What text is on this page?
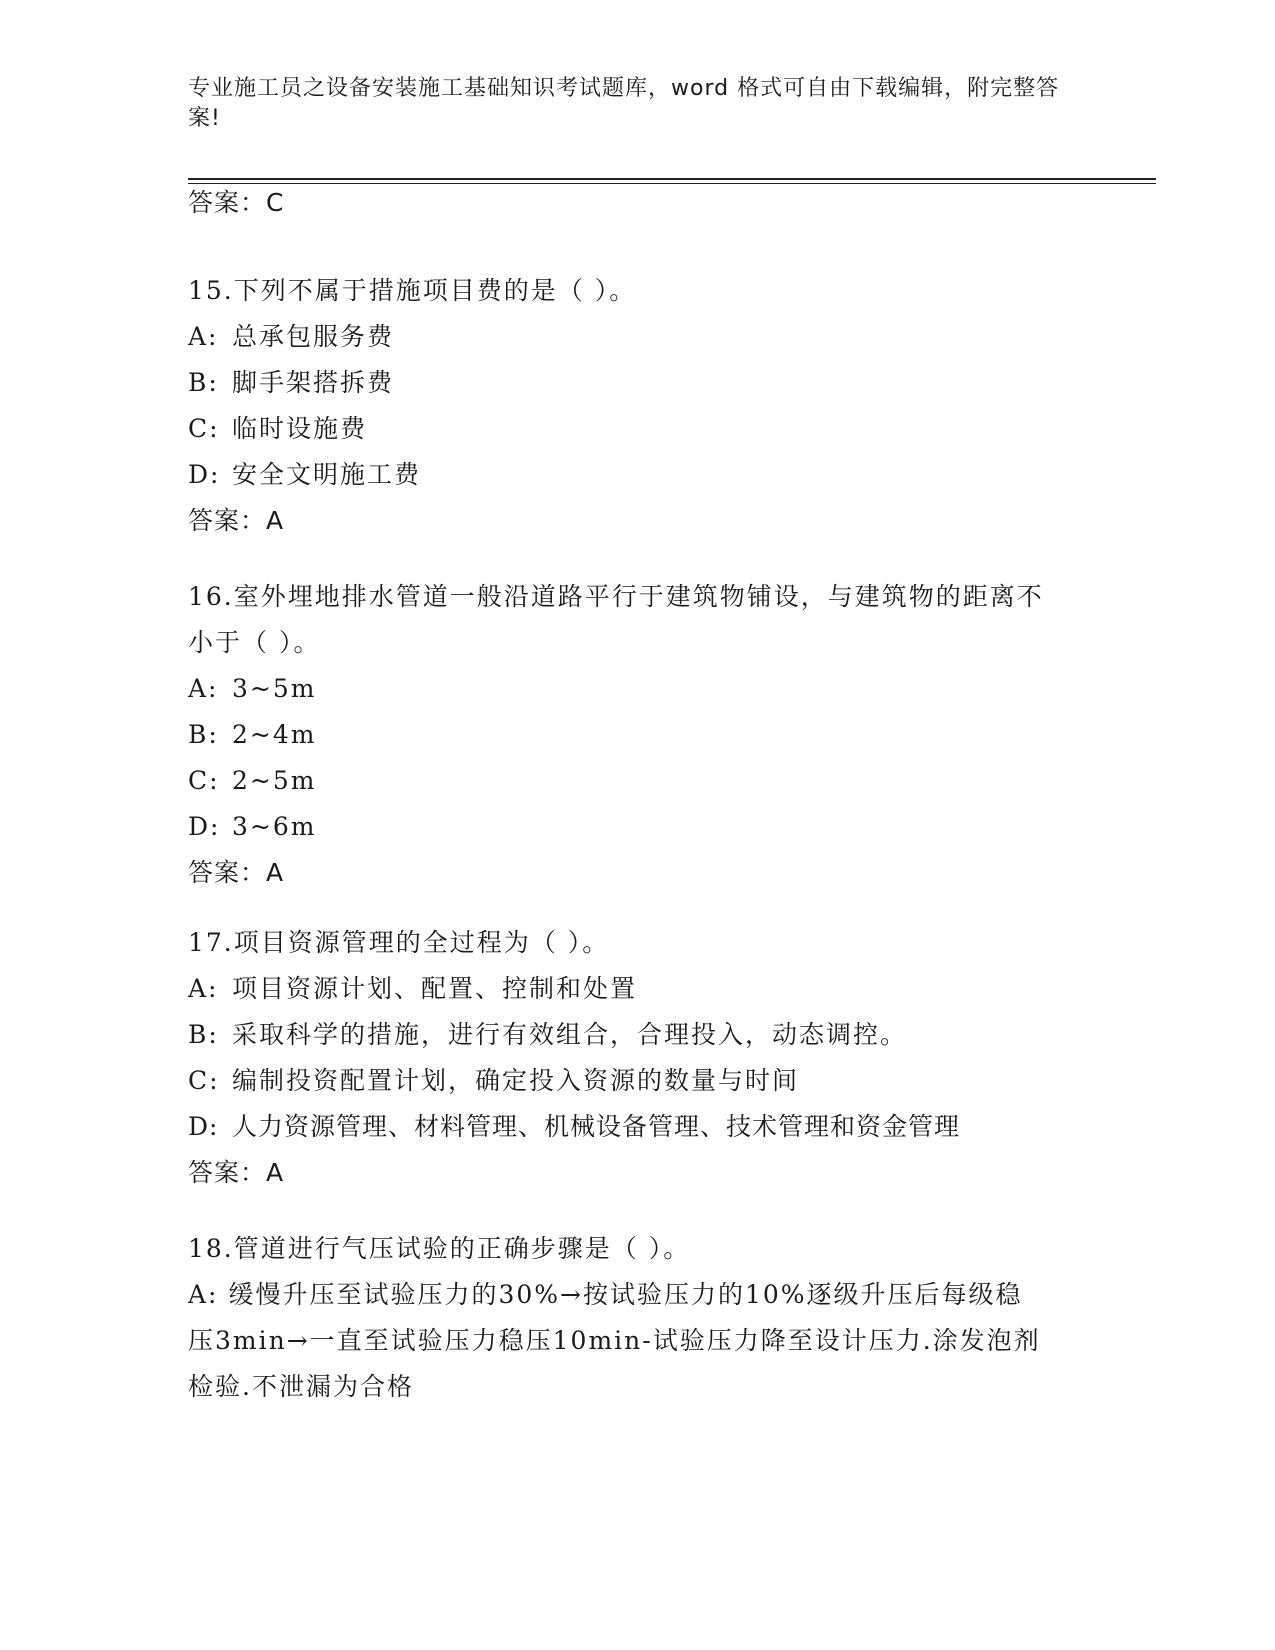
专业施工员之设备安装施工基础知识考试题库，word 格式可自由下载编辑，附完整答案!
答案：C
15.下列不属于措施项目费的是（ ）。
A: 总承包服务费
B: 脚手架搭拆费
C: 临时设施费
D: 安全文明施工费
答案：A
16.室外埋地排水管道一般沿道路平行于建筑物铺设，与建筑物的距离不小于（ ）。
A: 3~5m
B: 2~4m
C: 2~5m
D: 3~6m
答案：A
17.项目资源管理的全过程为（ ）。
A: 项目资源计划、配置、控制和处置
B: 采取科学的措施，进行有效组合，合理投入，动态调控。
C: 编制投资配置计划，确定投入资源的数量与时间
D: 人力资源管理、材料管理、机械设备管理、技术管理和资金管理
答案：A
18.管道进行气压试验的正确步骤是（ ）。
A: 缓慢升压至试验压力的30%→按试验压力的10%逐级升压后每级稳压3min→一直至试验压力稳压10min-试验压力降至设计压力.涂发泡剂检验.不泄漏为合格
